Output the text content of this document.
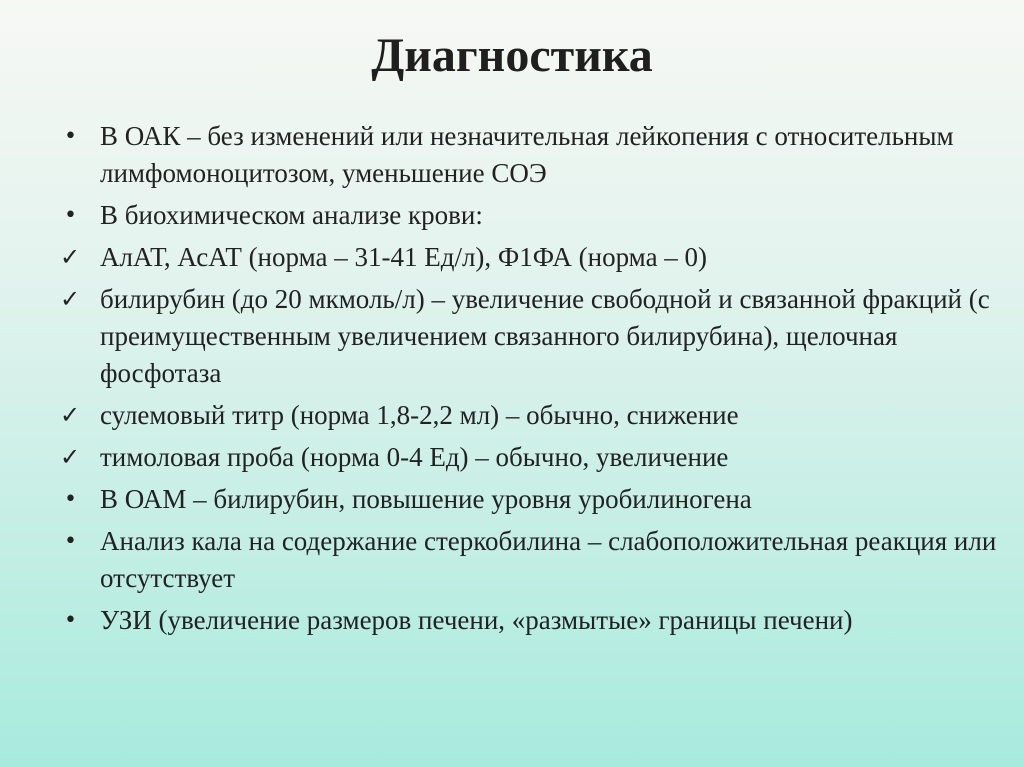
Диагностика
• В ОАК – без изменений или незначительная лейкопения с относительным лимфомоноцитозом, уменьшение СОЭ
• В биохимическом анализе крови:
✓ АлАТ, АсАТ (норма – 31-41 Ед/л), Ф1ФА (норма – 0)
✓ билирубин (до 20 мкмоль/л) – увеличение свободной и связанной фракций (с преимущественным увеличением связанного билирубина), щелочная фосфотаза
✓ сулемовый титр (норма 1,8-2,2 мл) – обычно, снижение
✓ тимоловая проба (норма 0-4 Ед) – обычно, увеличение
• В ОАМ – билирубин, повышение уровня уробилиногена
• Анализ кала на содержание стеркобилина – слабоположительная реакция или отсутствует
• УЗИ (увеличение размеров печени, «размытые» границы печени)
